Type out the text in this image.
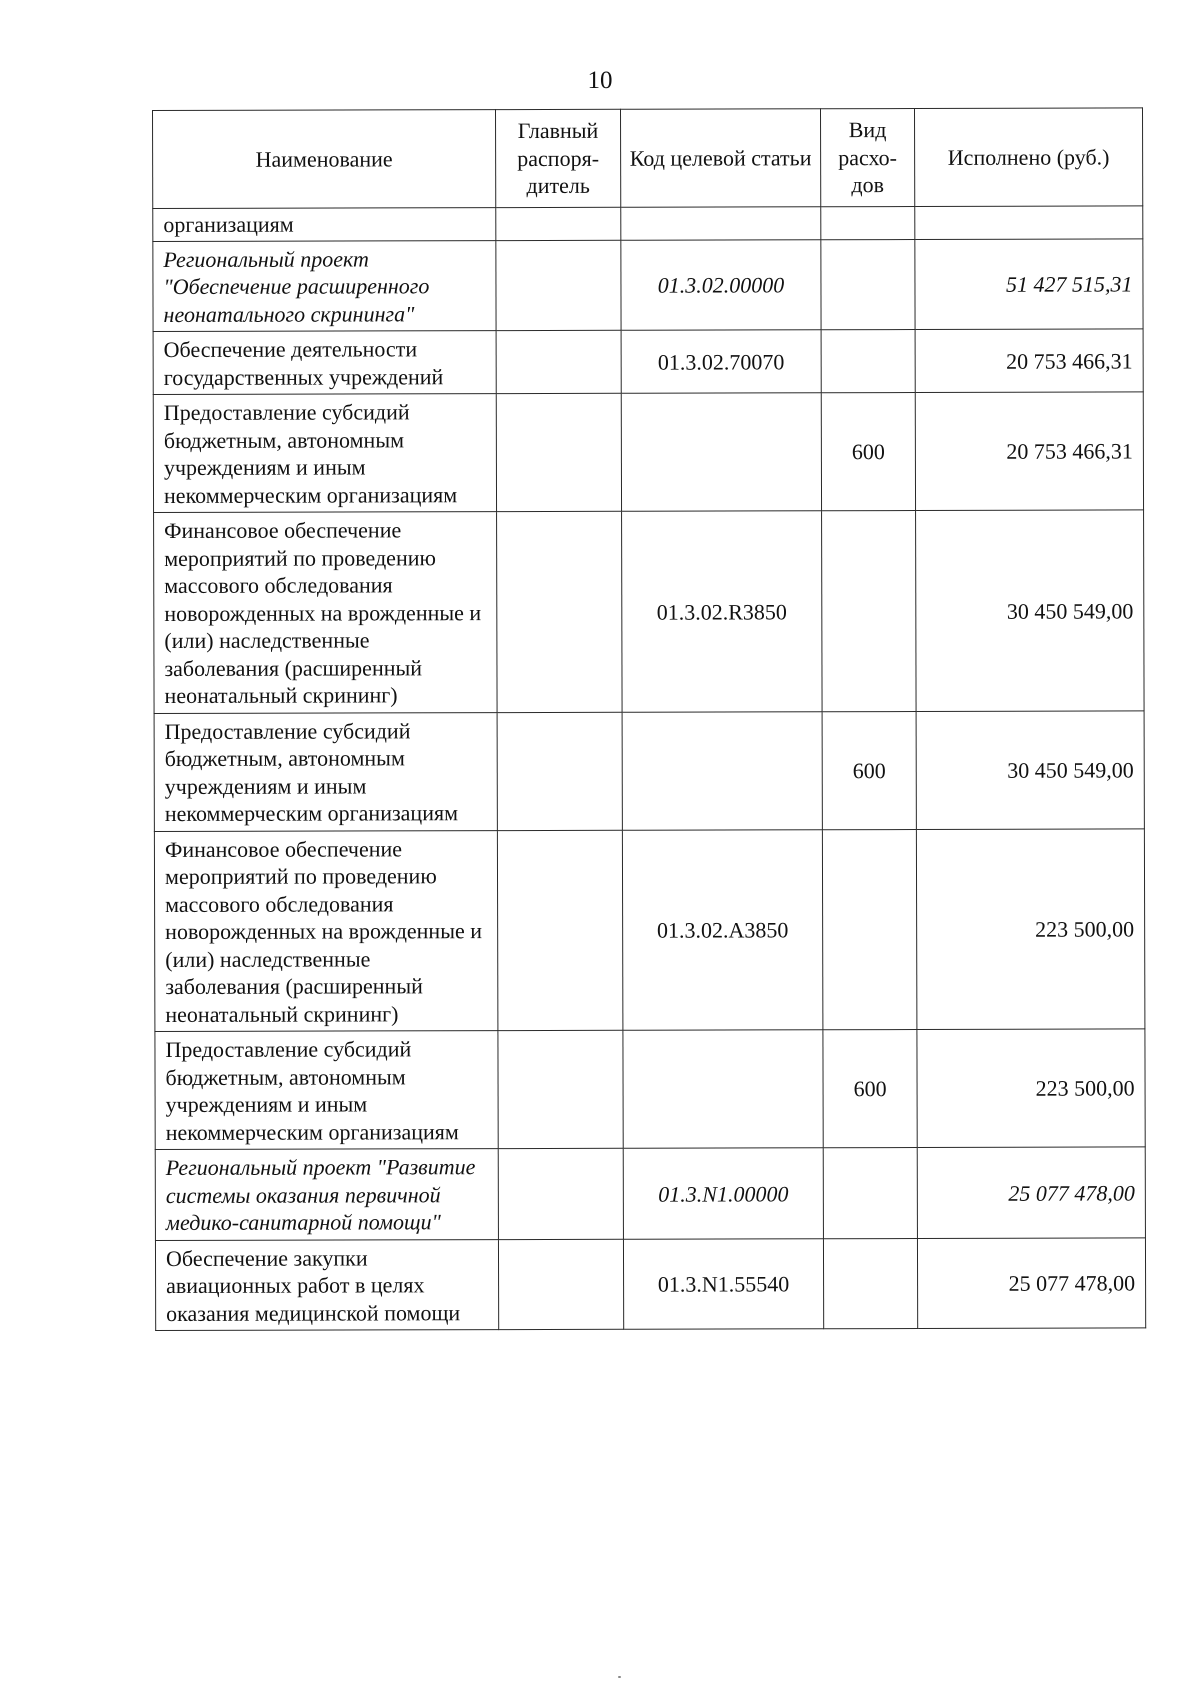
10
Наименование	Главный распоря-дитель	Код целевой статьи	Вид расхо-дов	Исполнено (руб.)
организациям				
Региональный проект "Обеспечение расширенного неонатального скрининга"		01.3.02.00000		51 427 515,31
Обеспечение деятельности государственных учреждений		01.3.02.70070		20 753 466,31
Предоставление субсидий бюджетным, автономным учреждениям и иным некоммерческим организациям			600	20 753 466,31
Финансовое обеспечение мероприятий по проведению массового обследования новорожденных на врожденные и (или) наследственные заболевания (расширенный неонатальный скрининг)		01.3.02.R3850		30 450 549,00
Предоставление субсидий бюджетным, автономным учреждениям и иным некоммерческим организациям			600	30 450 549,00
Финансовое обеспечение мероприятий по проведению массового обследования новорожденных на врожденные и (или) наследственные заболевания (расширенный неонатальный скрининг)		01.3.02.А3850		223 500,00
Предоставление субсидий бюджетным, автономным учреждениям и иным некоммерческим организациям			600	223 500,00
Региональный проект "Развитие системы оказания первичной медико-санитарной помощи"		01.3.N1.00000		25 077 478,00
Обеспечение закупки авиационных работ в целях оказания медицинской помощи		01.3.N1.55540		25 077 478,00
